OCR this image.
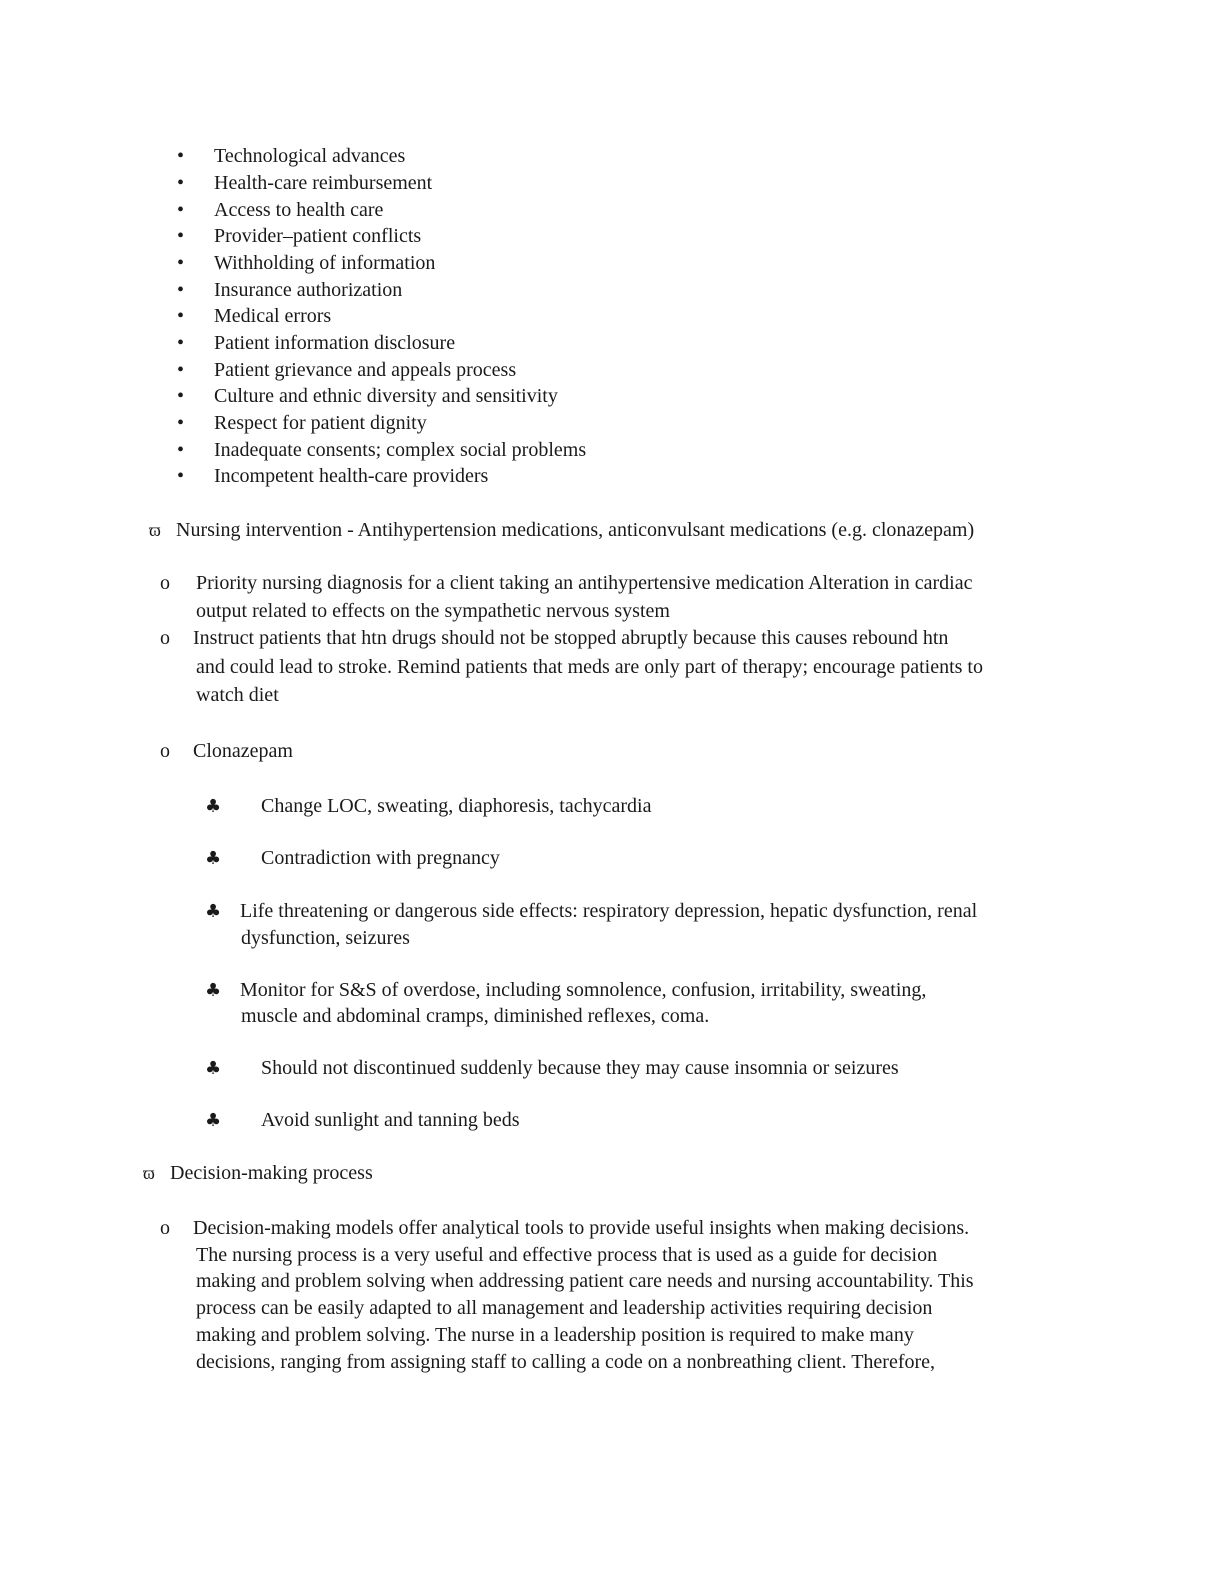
• Technological advances
• Health-care reimbursement
• Access to health care
• Provider–patient conflicts
• Withholding of information
• Insurance authorization
• Medical errors
• Patient information disclosure
• Patient grievance and appeals process
• Culture and ethnic diversity and sensitivity
• Respect for patient dignity
• Inadequate consents; complex social problems
• Incompetent health-care providers
ϖ Nursing intervention - Antihypertension medications, anticonvulsant medications (e.g. clonazepam)
o Priority nursing diagnosis for a client taking an antihypertensive medication Alteration in cardiac
output related to effects on the sympathetic nervous system
o Instruct patients that htn drugs should not be stopped abruptly because this causes rebound htn
and could lead to stroke. Remind patients that meds are only part of therapy; encourage patients to
watch diet
o Clonazepam
♣ Change LOC, sweating, diaphoresis, tachycardia
♣ Contradiction with pregnancy
♣ Life threatening or dangerous side effects: respiratory depression, hepatic dysfunction, renal
dysfunction, seizures
♣ Monitor for S&S of overdose, including somnolence, confusion, irritability, sweating,
muscle and abdominal cramps, diminished reflexes, coma.
♣ Should not discontinued suddenly because they may cause insomnia or seizures
♣ Avoid sunlight and tanning beds
ϖ Decision-making process
o Decision-making models offer analytical tools to provide useful insights when making decisions.
The nursing process is a very useful and effective process that is used as a guide for decision
making and problem solving when addressing patient care needs and nursing accountability. This
process can be easily adapted to all management and leadership activities requiring decision
making and problem solving. The nurse in a leadership position is required to make many
decisions, ranging from assigning staff to calling a code on a nonbreathing client. Therefore,
